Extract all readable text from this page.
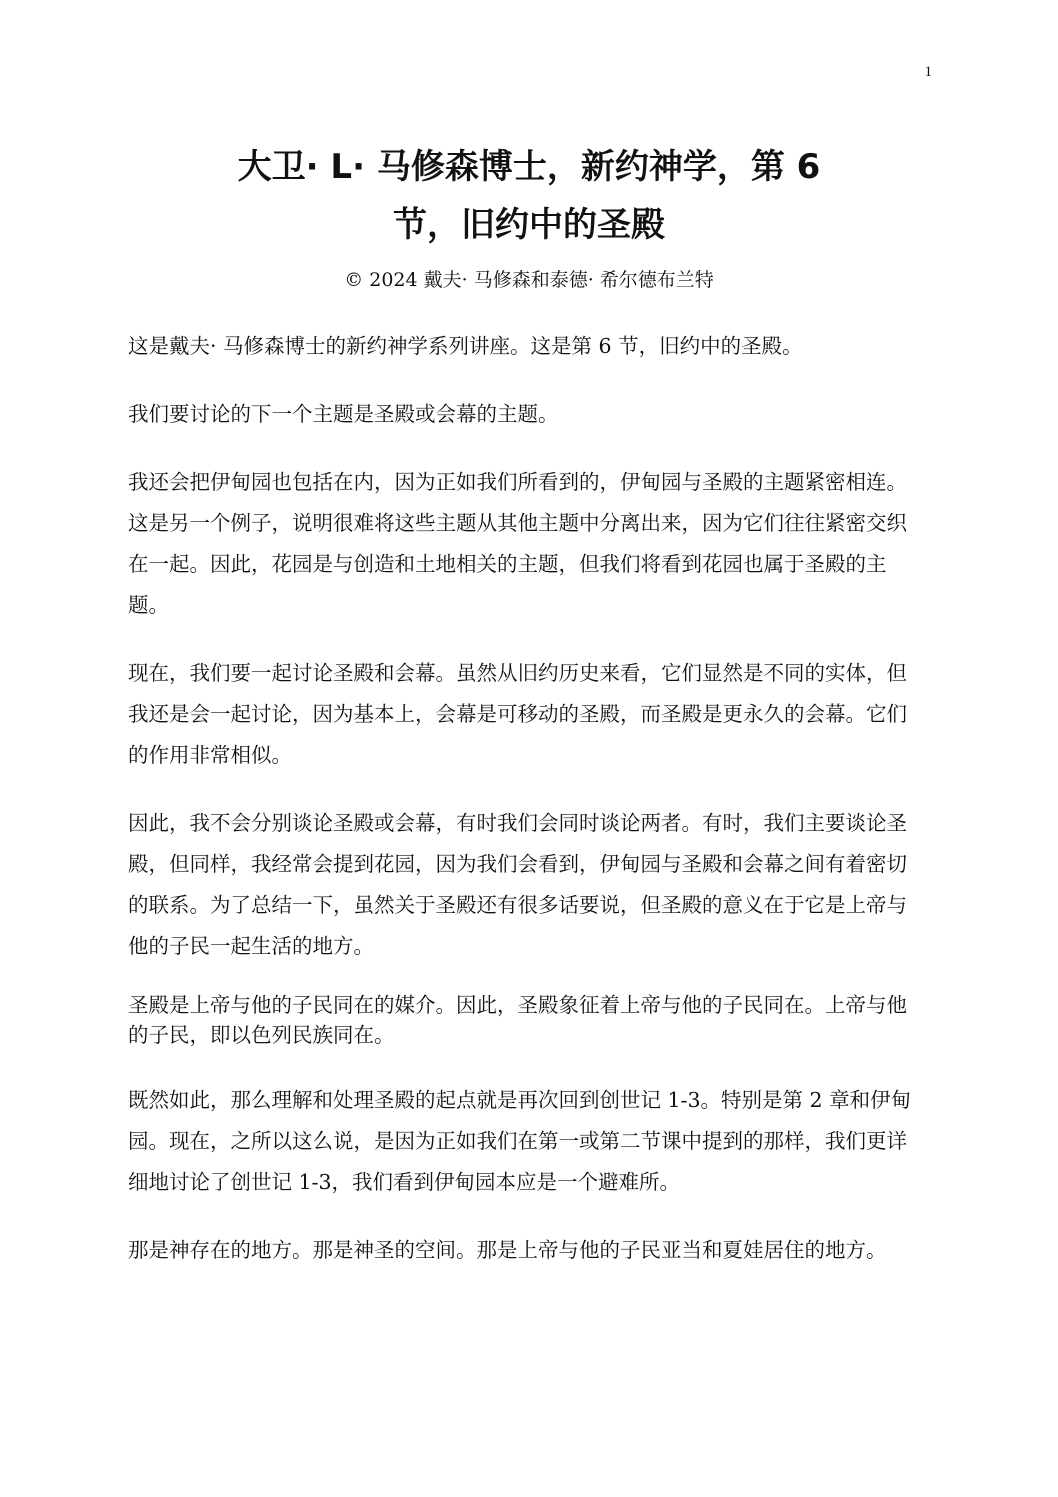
1
大卫· L· 马修森博士，新约神学，第 6
节，旧约中的圣殿
© 2024 戴夫· 马修森和泰德· 希尔德布兰特

这是戴夫· 马修森博士的新约神学系列讲座。这是第 6 节，旧约中的圣殿。

我们要讨论的下一个主题是圣殿或会幕的主题。

我还会把伊甸园也包括在内，因为正如我们所看到的，伊甸园与圣殿的主题紧密相连。这是另一个例子，说明很难将这些主题从其他主题中分离出来，因为它们往往紧密交织在一起。因此，花园是与创造和土地相关的主题，但我们将看到花园也属于圣殿的主题。

现在，我们要一起讨论圣殿和会幕。虽然从旧约历史来看，它们显然是不同的实体，但我还是会一起讨论，因为基本上，会幕是可移动的圣殿，而圣殿是更永久的会幕。它们的作用非常相似。

因此，我不会分别谈论圣殿或会幕，有时我们会同时谈论两者。有时，我们主要谈论圣殿，但同样，我经常会提到花园，因为我们会看到，伊甸园与圣殿和会幕之间有着密切的联系。为了总结一下，虽然关于圣殿还有很多话要说，但圣殿的意义在于它是上帝与他的子民一起生活的地方。

圣殿是上帝与他的子民同在的媒介。因此，圣殿象征着上帝与他的子民同在。上帝与他的子民，即以色列民族同在。

既然如此，那么理解和处理圣殿的起点就是再次回到创世记 1-3。特别是第 2 章和伊甸园。现在，之所以这么说，是因为正如我们在第一或第二节课中提到的那样，我们更详细地讨论了创世记 1-3，我们看到伊甸园本应是一个避难所。

那是神存在的地方。那是神圣的空间。那是上帝与他的子民亚当和夏娃居住的地方。
